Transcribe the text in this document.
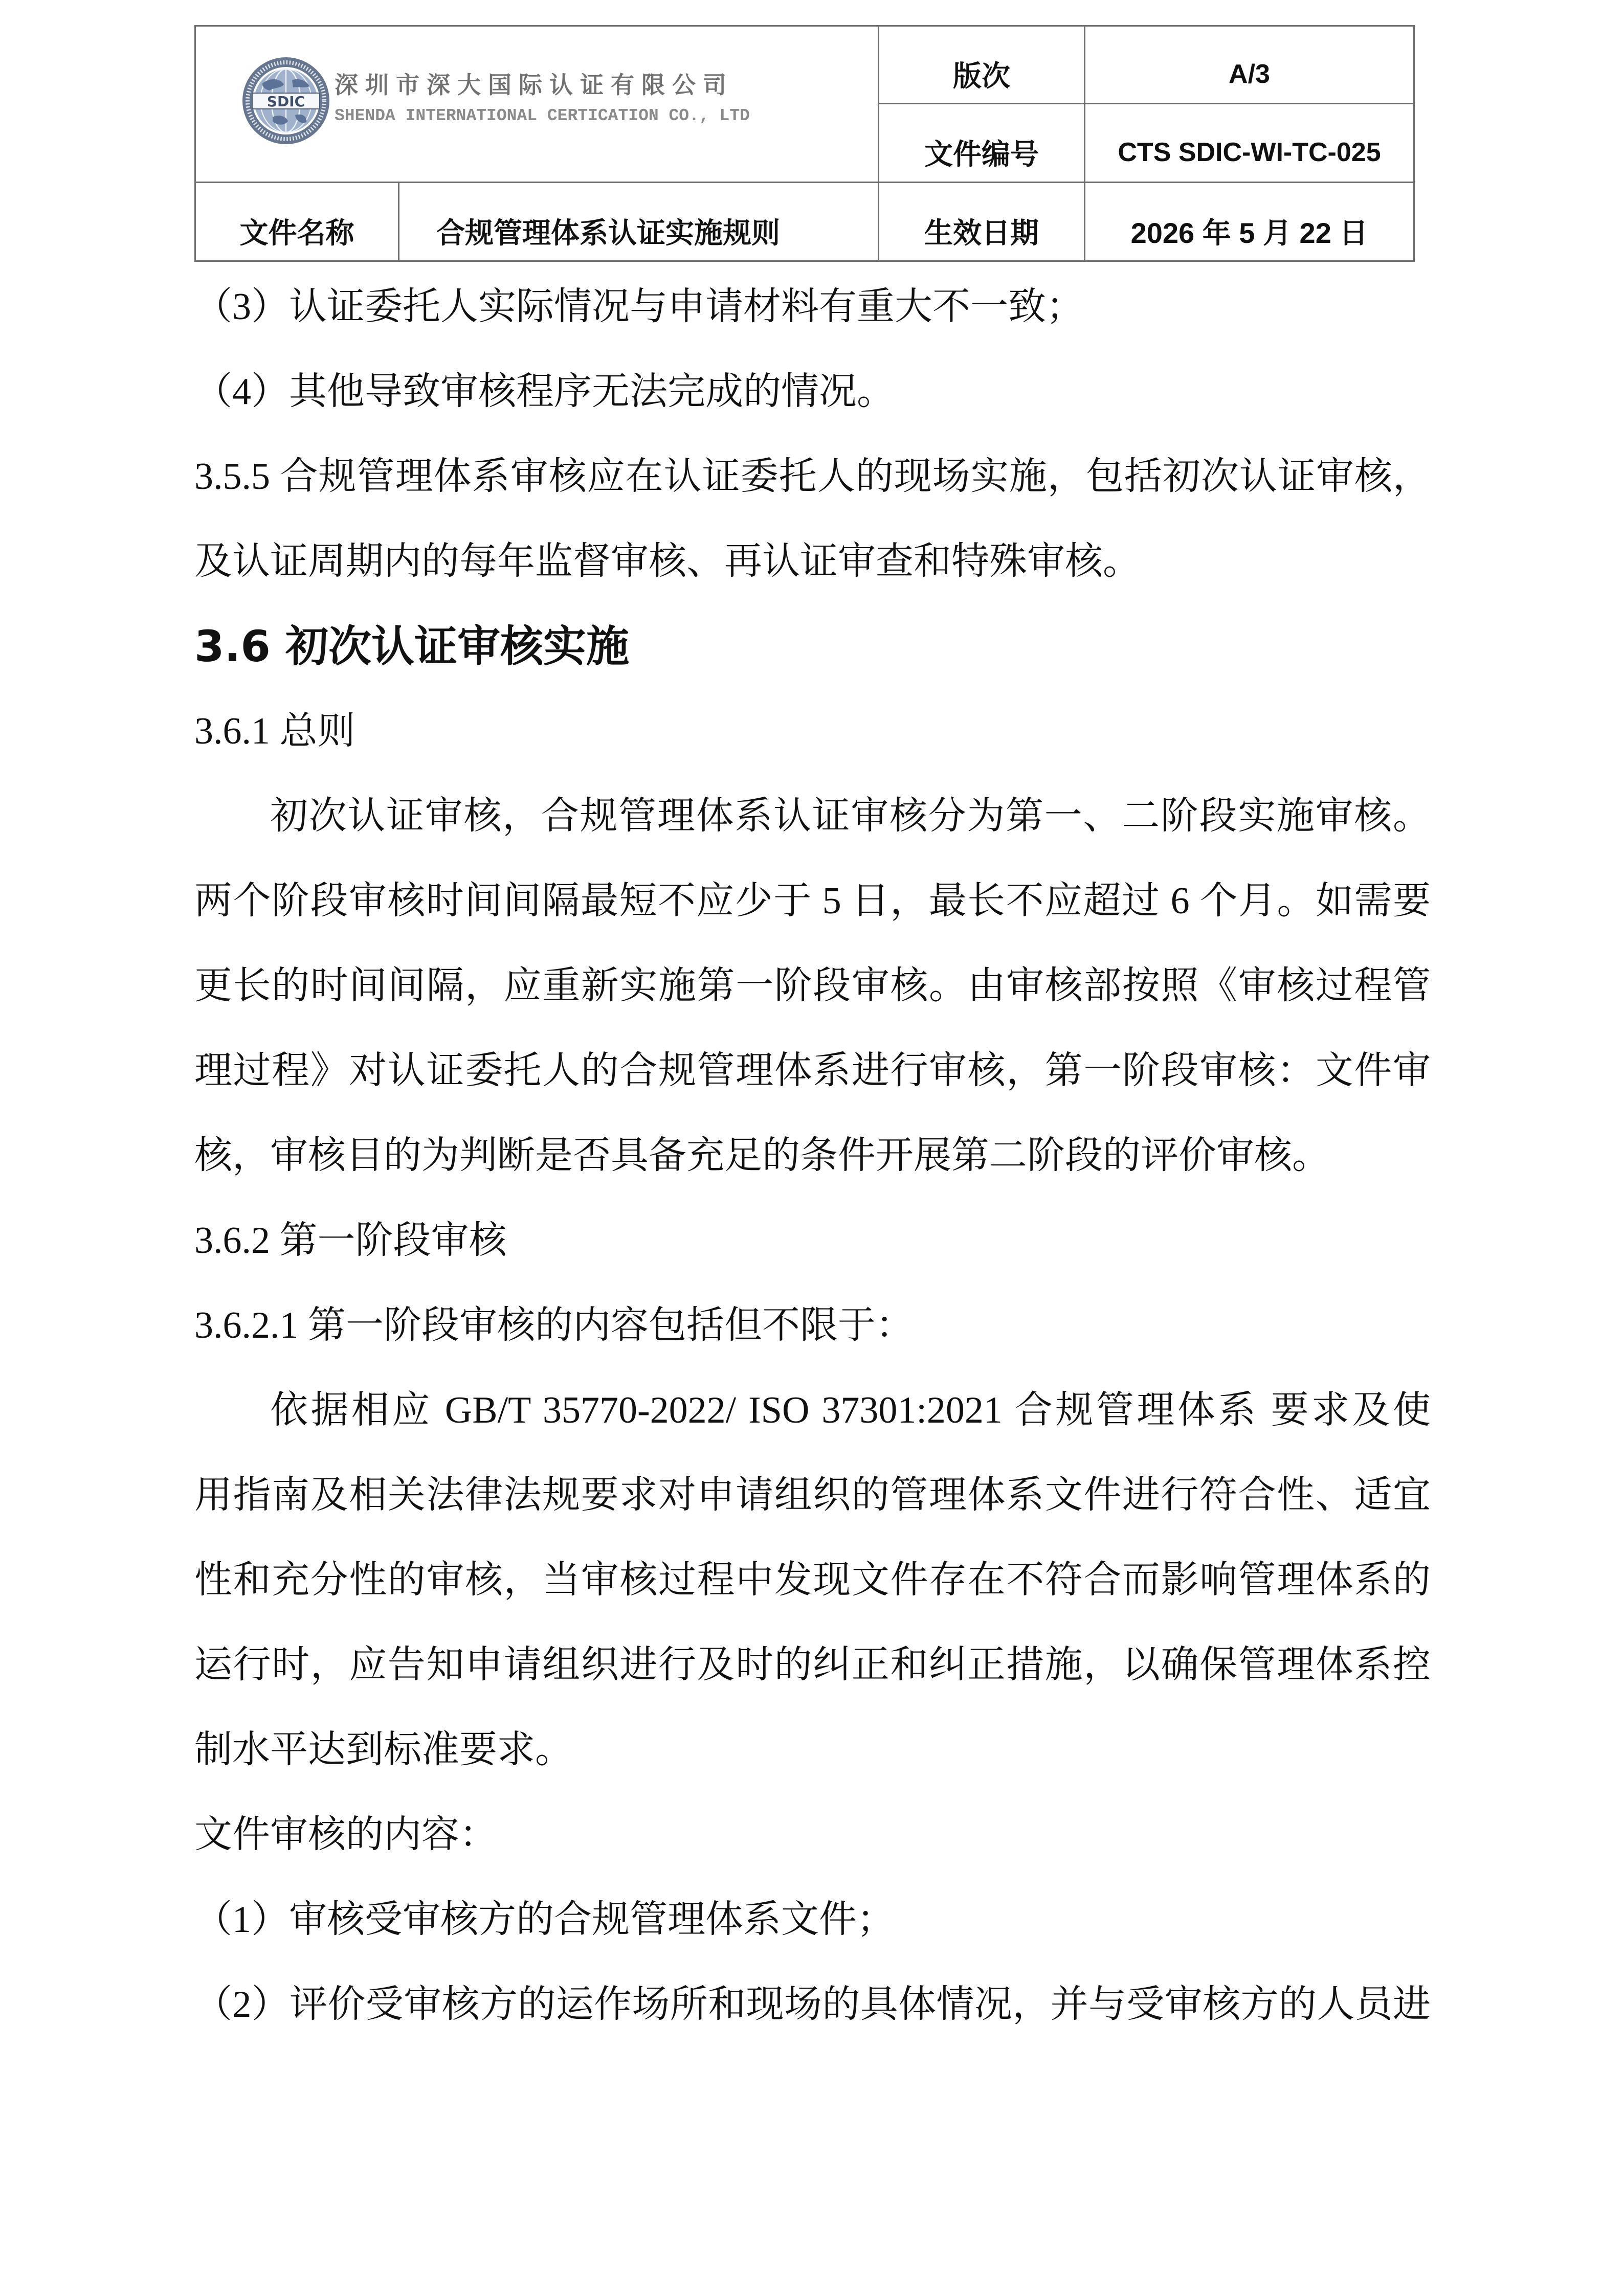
SDIC
深圳市深大国际认证有限公司
SHENDA INTERNATIONAL CERTICATION CO., LTD		版次	A/3
		文件编号	CTS SDIC-WI-TC-025
文件名称	合规管理体系认证实施规则	生效日期	2026 年 5 月 22 日
（3）认证委托人实际情况与申请材料有重大不一致；
（4）其他导致审核程序无法完成的情况。
3.5.5 合规管理体系审核应在认证委托人的现场实施，包括初次认证审核，
及认证周期内的每年监督审核、再认证审查和特殊审核。
3.6 初次认证审核实施
3.6.1 总则
初次认证审核，合规管理体系认证审核分为第一、二阶段实施审核。
两个阶段审核时间间隔最短不应少于 5 日，最长不应超过 6 个月。如需要
更长的时间间隔，应重新实施第一阶段审核。由审核部按照《审核过程管
理过程》对认证委托人的合规管理体系进行审核，第一阶段审核：文件审
核，审核目的为判断是否具备充足的条件开展第二阶段的评价审核。
3.6.2 第一阶段审核
3.6.2.1 第一阶段审核的内容包括但不限于：
依据相应 GB/T 35770-2022/ ISO 37301:2021 合规管理体系 要求及使
用指南及相关法律法规要求对申请组织的管理体系文件进行符合性、适宜
性和充分性的审核，当审核过程中发现文件存在不符合而影响管理体系的
运行时，应告知申请组织进行及时的纠正和纠正措施，以确保管理体系控
制水平达到标准要求。
文件审核的内容：
（1）审核受审核方的合规管理体系文件；
（2）评价受审核方的运作场所和现场的具体情况，并与受审核方的人员进
